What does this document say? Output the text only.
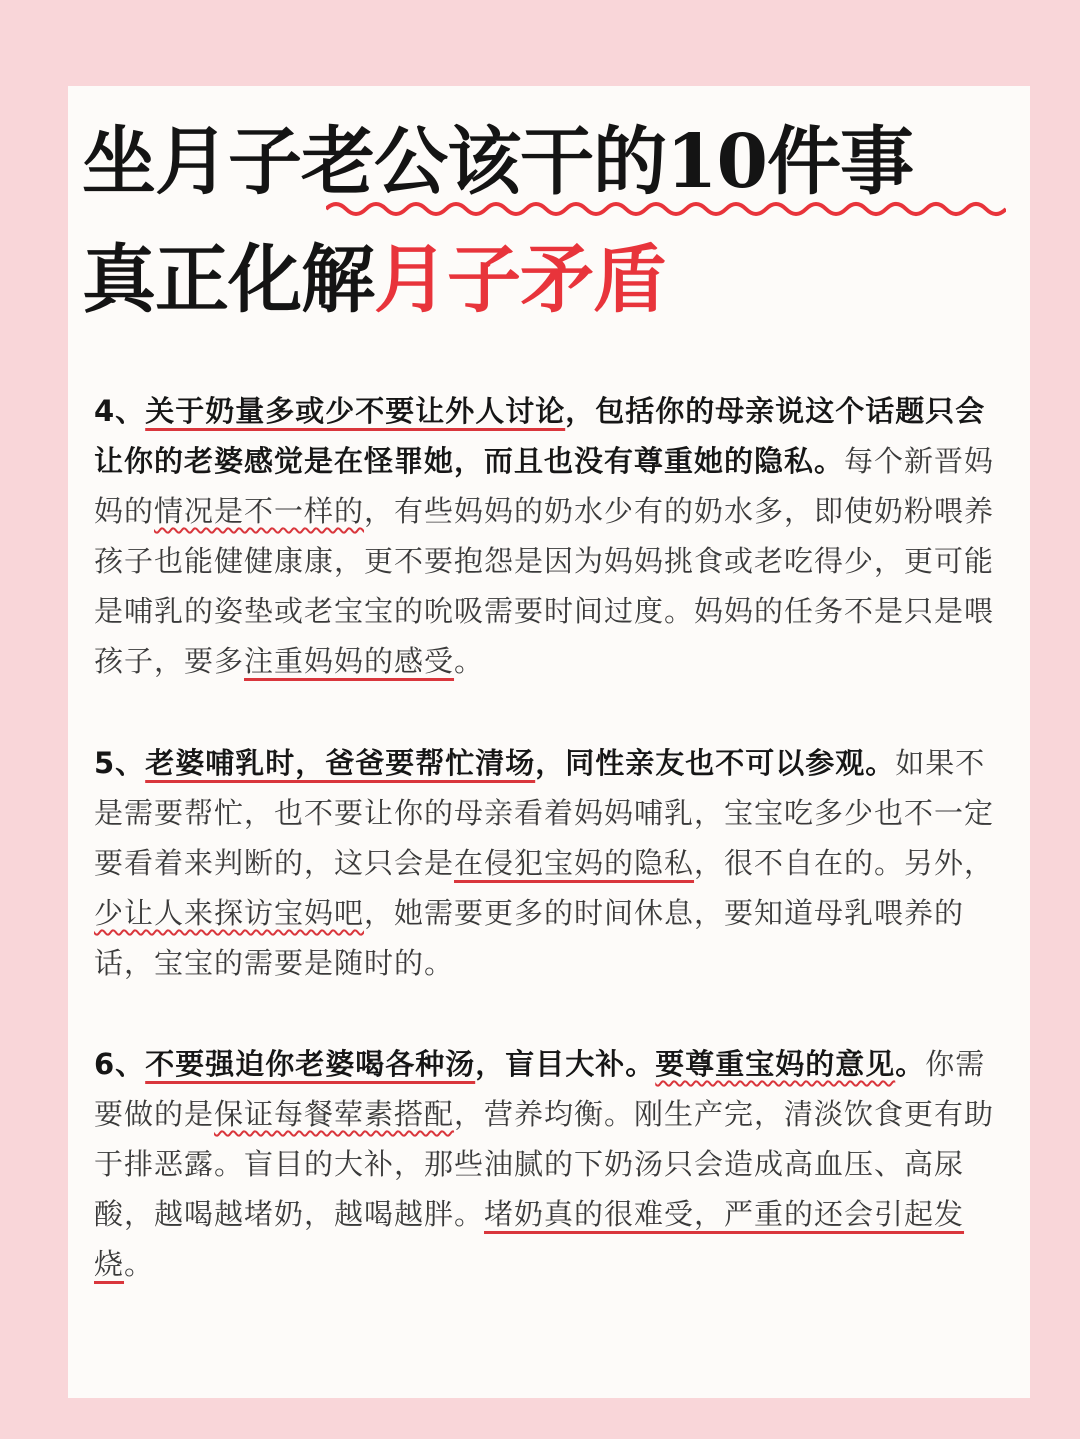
坐月子老公该干的10件事
真正化解月子矛盾

4、关于奶量多或少不要让外人讨论，包括你的母亲说这个话题只会让你的老婆感觉是在怪罪她，而且也没有尊重她的隐私。每个新晋妈妈的情况是不一样的，有些妈妈的奶水少有的奶水多，即使奶粉喂养孩子也能健健康康，更不要抱怨是因为妈妈挑食或老吃得少，更可能是哺乳的姿垫或老宝宝的吮吸需要时间过度。妈妈的任务不是只是喂孩子，要多注重妈妈的感受。

5、老婆哺乳时，爸爸要帮忙清场，同性亲友也不可以参观。如果不是需要帮忙，也不要让你的母亲看着妈妈哺乳，宝宝吃多少也不一定要看着来判断的，这只会是在侵犯宝妈的隐私，很不自在的。另外，少让人来探访宝妈吧，她需要更多的时间休息，要知道母乳喂养的话，宝宝的需要是随时的。

6、不要强迫你老婆喝各种汤，盲目大补。要尊重宝妈的意见。你需要做的是保证每餐荤素搭配，营养均衡。刚生产完，清淡饮食更有助于排恶露。盲目的大补，那些油腻的下奶汤只会造成高血压、高尿酸，越喝越堵奶，越喝越胖。堵奶真的很难受，严重的还会引起发烧。
